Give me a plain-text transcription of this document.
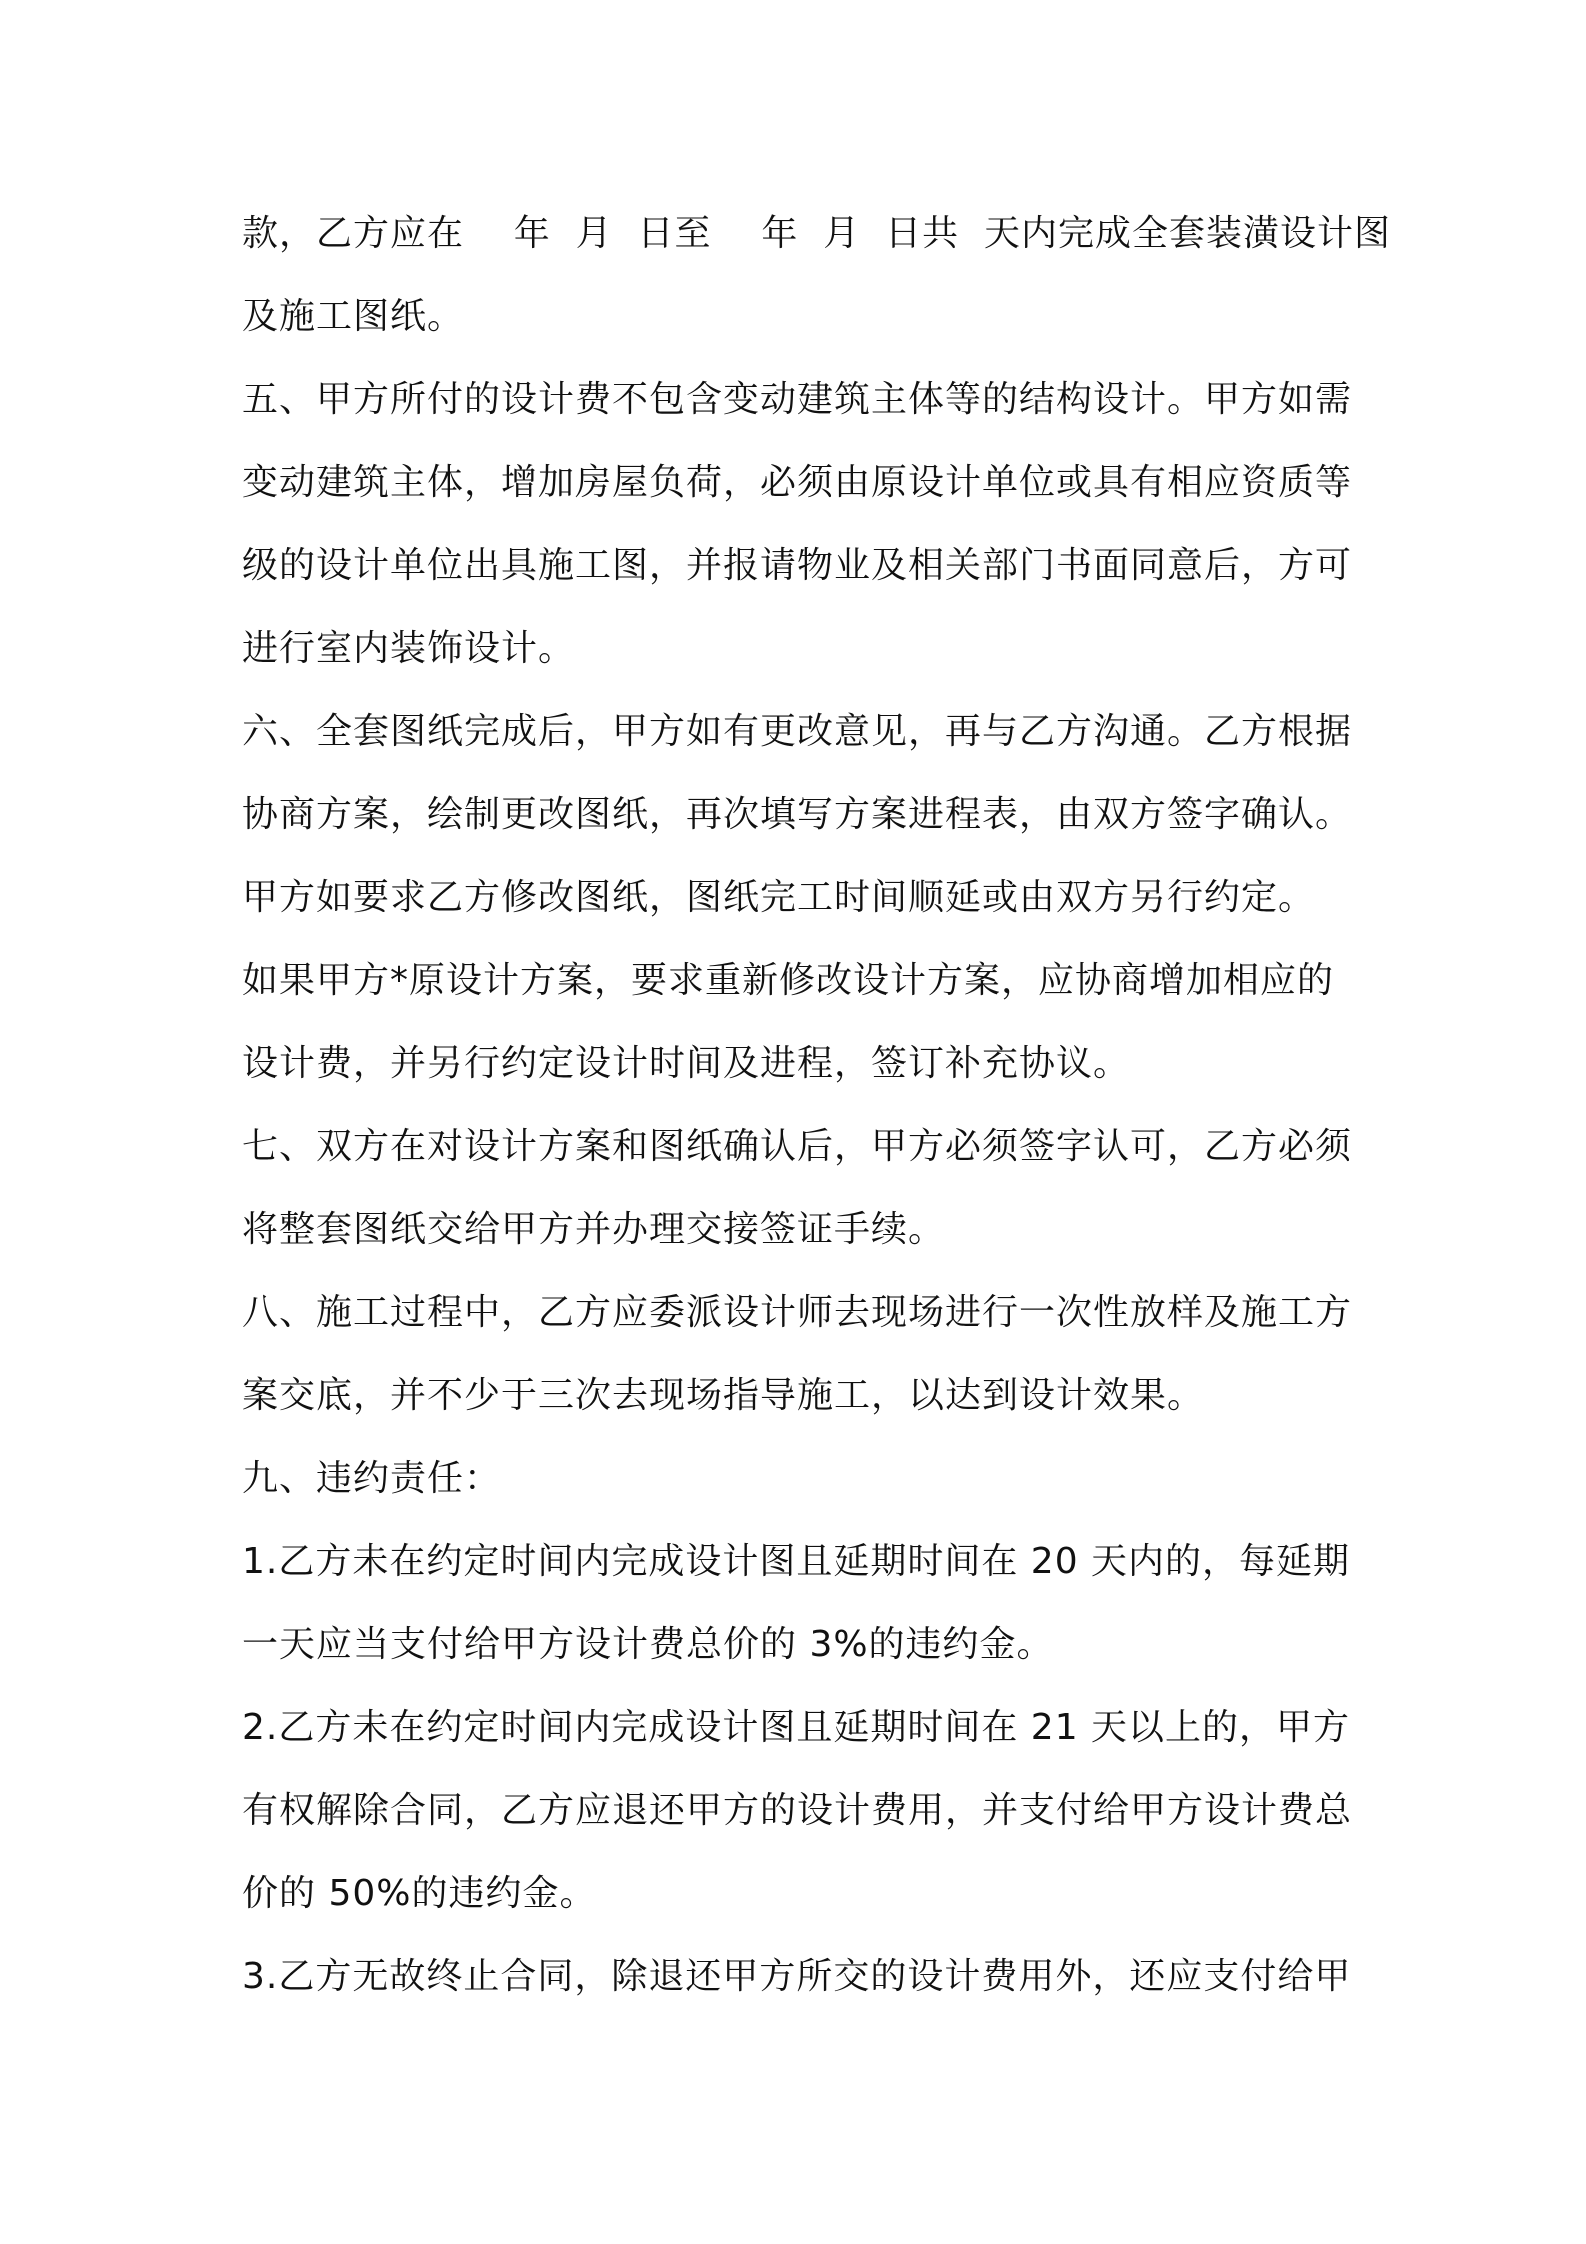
款，乙方应在    年  月  日至    年  月  日共  天内完成全套装潢设计图
及施工图纸。
五、甲方所付的设计费不包含变动建筑主体等的结构设计。甲方如需
变动建筑主体，增加房屋负荷，必须由原设计单位或具有相应资质等
级的设计单位出具施工图，并报请物业及相关部门书面同意后，方可
进行室内装饰设计。
六、全套图纸完成后，甲方如有更改意见，再与乙方沟通。乙方根据
协商方案，绘制更改图纸，再次填写方案进程表，由双方签字确认。
甲方如要求乙方修改图纸，图纸完工时间顺延或由双方另行约定。
如果甲方*原设计方案，要求重新修改设计方案，应协商增加相应的
设计费，并另行约定设计时间及进程，签订补充协议。
七、双方在对设计方案和图纸确认后，甲方必须签字认可，乙方必须
将整套图纸交给甲方并办理交接签证手续。
八、施工过程中，乙方应委派设计师去现场进行一次性放样及施工方
案交底，并不少于三次去现场指导施工，以达到设计效果。
九、违约责任：
1.乙方未在约定时间内完成设计图且延期时间在 20 天内的，每延期
一天应当支付给甲方设计费总价的 3%的违约金。
2.乙方未在约定时间内完成设计图且延期时间在 21 天以上的，甲方
有权解除合同，乙方应退还甲方的设计费用，并支付给甲方设计费总
价的 50%的违约金。
3.乙方无故终止合同，除退还甲方所交的设计费用外，还应支付给甲
